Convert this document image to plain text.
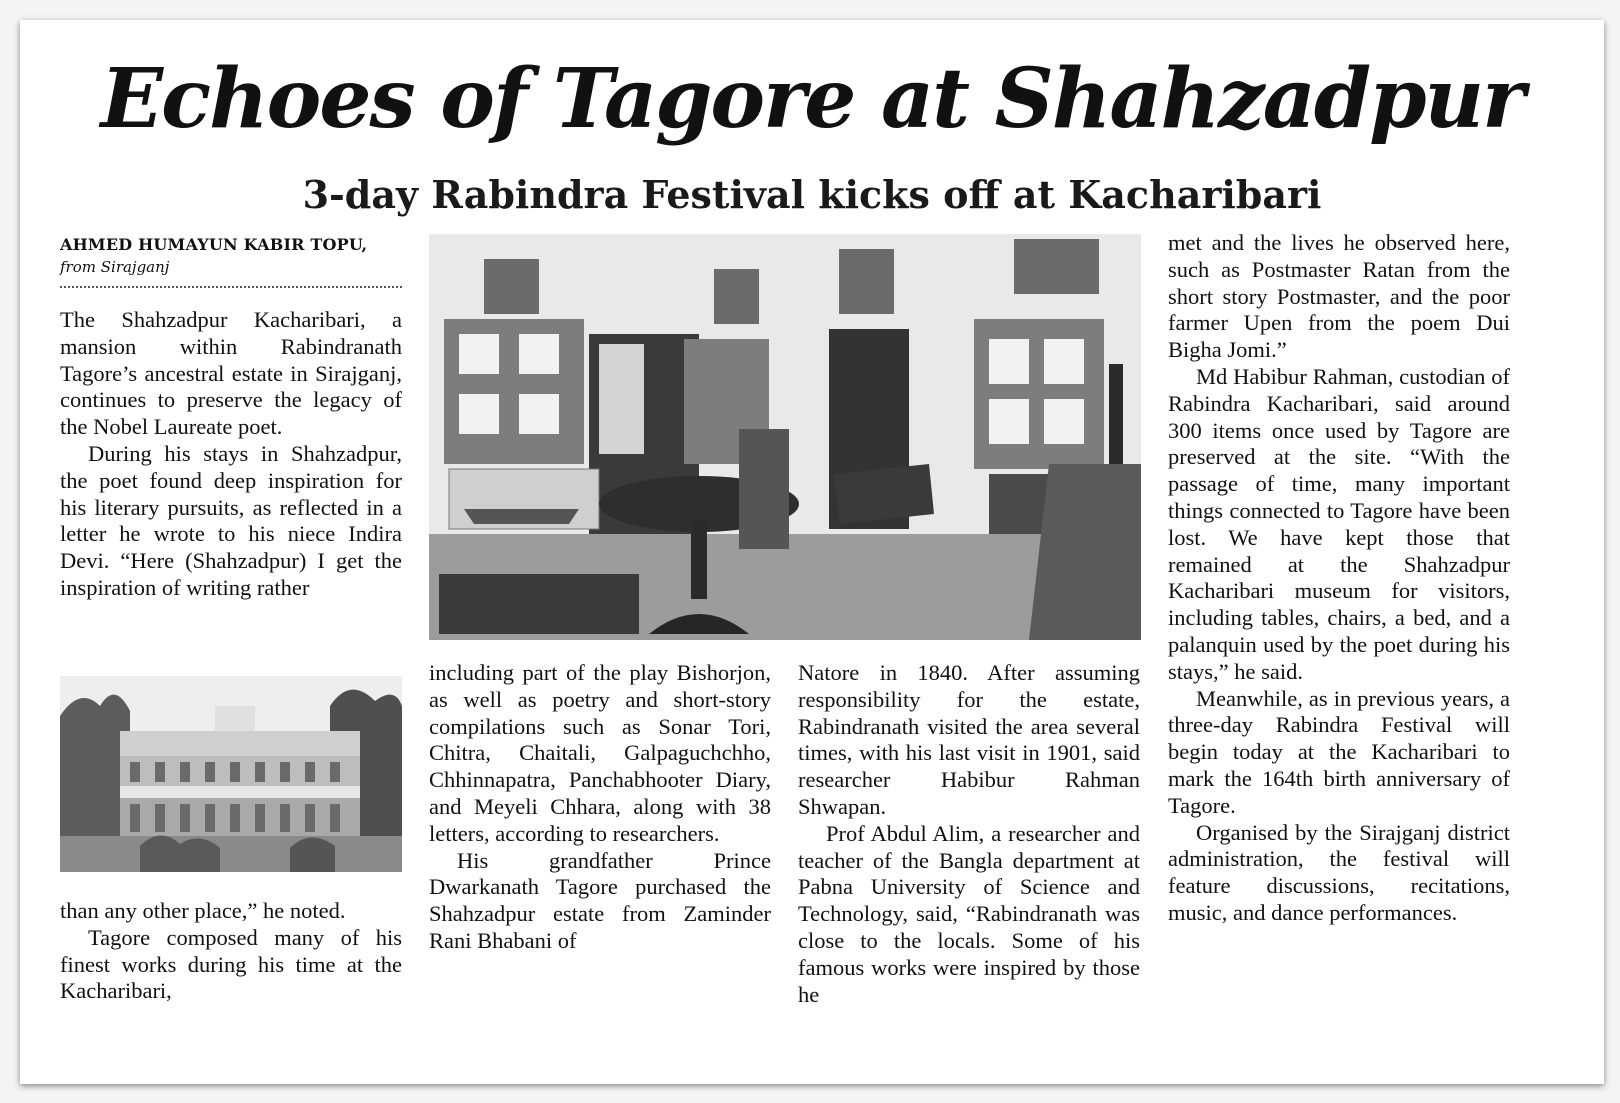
Echoes of Tagore at Shahzadpur
3-day Rabindra Festival kicks off at Kacharibari

AHMED HUMAYUN KABIR TOPU,

from Sirajganj

The Shahzadpur Kacharibari, a mansion within Rabindranath Tagore’s ancestral estate in Sirajganj, continues to preserve the legacy of the Nobel Laureate poet.

During his stays in Shahzadpur, the poet found deep inspiration for his literary pursuits, as reflected in a letter he wrote to his niece Indira Devi. “Here (Shahzadpur) I get the inspiration of writing rather

than any other place,” he noted.

Tagore composed many of his finest works during his time at the Kacharibari,

including part of the play Bishorjon, as well as poetry and short-story compilations such as Sonar Tori, Chitra, Chaitali, Galpaguchchho, Chhinnapatra, Panchabhooter Diary, and Meyeli Chhara, along with 38 letters, according to researchers.

His grandfather Prince Dwarkanath Tagore purchased the Shahzadpur estate from Zaminder Rani Bhabani of

Natore in 1840. After assuming responsibility for the estate, Rabindranath visited the area several times, with his last visit in 1901, said researcher Habibur Rahman Shwapan.

Prof Abdul Alim, a researcher and teacher of the Bangla department at Pabna University of Science and Technology, said, “Rabindranath was close to the locals. Some of his famous works were inspired by those he

met and the lives he observed here, such as Postmaster Ratan from the short story Postmaster, and the poor farmer Upen from the poem Dui Bigha Jomi.”

Md Habibur Rahman, custodian of Rabindra Kacharibari, said around 300 items once used by Tagore are preserved at the site. “With the passage of time, many important things connected to Tagore have been lost. We have kept those that remained at the Shahzadpur Kacharibari museum for visitors, including tables, chairs, a bed, and a palanquin used by the poet during his stays,” he said.

Meanwhile, as in previous years, a three-day Rabindra Festival will begin today at the Kacharibari to mark the 164th birth anniversary of Tagore.

Organised by the Sirajganj district administration, the festival will feature discussions, recitations, music, and dance performances.
